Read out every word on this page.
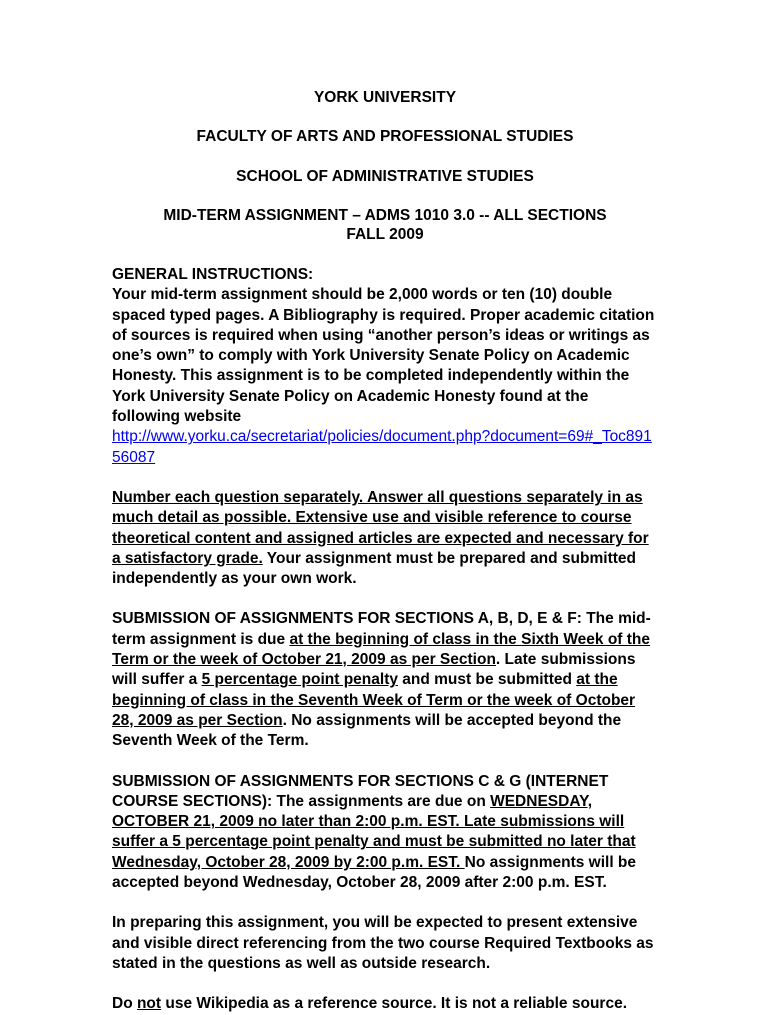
YORK UNIVERSITY
FACULTY OF ARTS AND PROFESSIONAL STUDIES
SCHOOL OF ADMINISTRATIVE STUDIES
MID-TERM ASSIGNMENT – ADMS 1010 3.0 -- ALL SECTIONS
FALL 2009
GENERAL INSTRUCTIONS:
Your mid-term assignment should be 2,000 words or ten (10) double spaced typed pages. A Bibliography is required. Proper academic citation of sources is required when using “another person’s ideas or writings as one’s own” to comply with York University Senate Policy on Academic Honesty. This assignment is to be completed independently within the York University Senate Policy on Academic Honesty found at the following website
http://www.yorku.ca/secretariat/policies/document.php?document=69#_Toc89156087
Number each question separately. Answer all questions separately in as much detail as possible. Extensive use and visible reference to course theoretical content and assigned articles are expected and necessary for a satisfactory grade. Your assignment must be prepared and submitted independently as your own work.
SUBMISSION OF ASSIGNMENTS FOR SECTIONS A, B, D, E & F: The mid-term assignment is due at the beginning of class in the Sixth Week of the Term or the week of October 21, 2009 as per Section. Late submissions will suffer a 5 percentage point penalty and must be submitted at the beginning of class in the Seventh Week of Term or the week of October 28, 2009 as per Section. No assignments will be accepted beyond the Seventh Week of the Term.
SUBMISSION OF ASSIGNMENTS FOR SECTIONS C & G (INTERNET COURSE SECTIONS): The assignments are due on WEDNESDAY, OCTOBER 21, 2009 no later than 2:00 p.m. EST. Late submissions will suffer a 5 percentage point penalty and must be submitted no later that Wednesday, October 28, 2009 by 2:00 p.m. EST. No assignments will be accepted beyond Wednesday, October 28, 2009 after 2:00 p.m. EST.
In preparing this assignment, you will be expected to present extensive and visible direct referencing from the two course Required Textbooks as stated in the questions as well as outside research.
Do not use Wikipedia as a reference source. It is not a reliable source.
